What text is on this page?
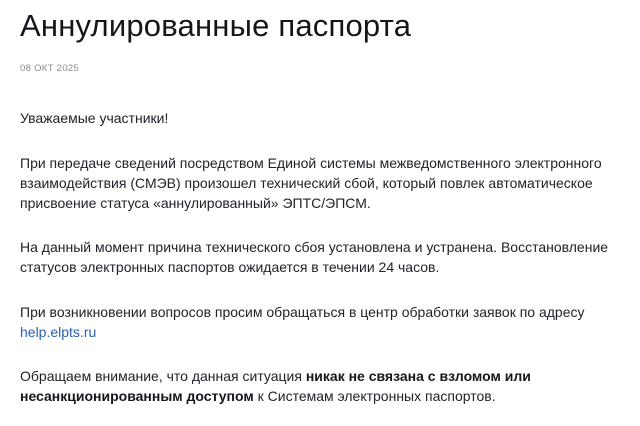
Аннулированные паспорта
08 ОКТ 2025

Уважаемые участники!

При передаче сведений посредством Единой системы межведомственного электронного взаимодействия (СМЭВ) произошел технический сбой, который повлек автоматическое присвоение статуса «аннулированный» ЭПТС/ЭПСМ.

На данный момент причина технического сбоя установлена и устранена. Восстановление статусов электронных паспортов ожидается в течении 24 часов.

При возникновении вопросов просим обращаться в центр обработки заявок по адресу
help.elpts.ru

Обращаем внимание, что данная ситуация никак не связана с взломом или несанкционированным доступом к Системам электронных паспортов.
